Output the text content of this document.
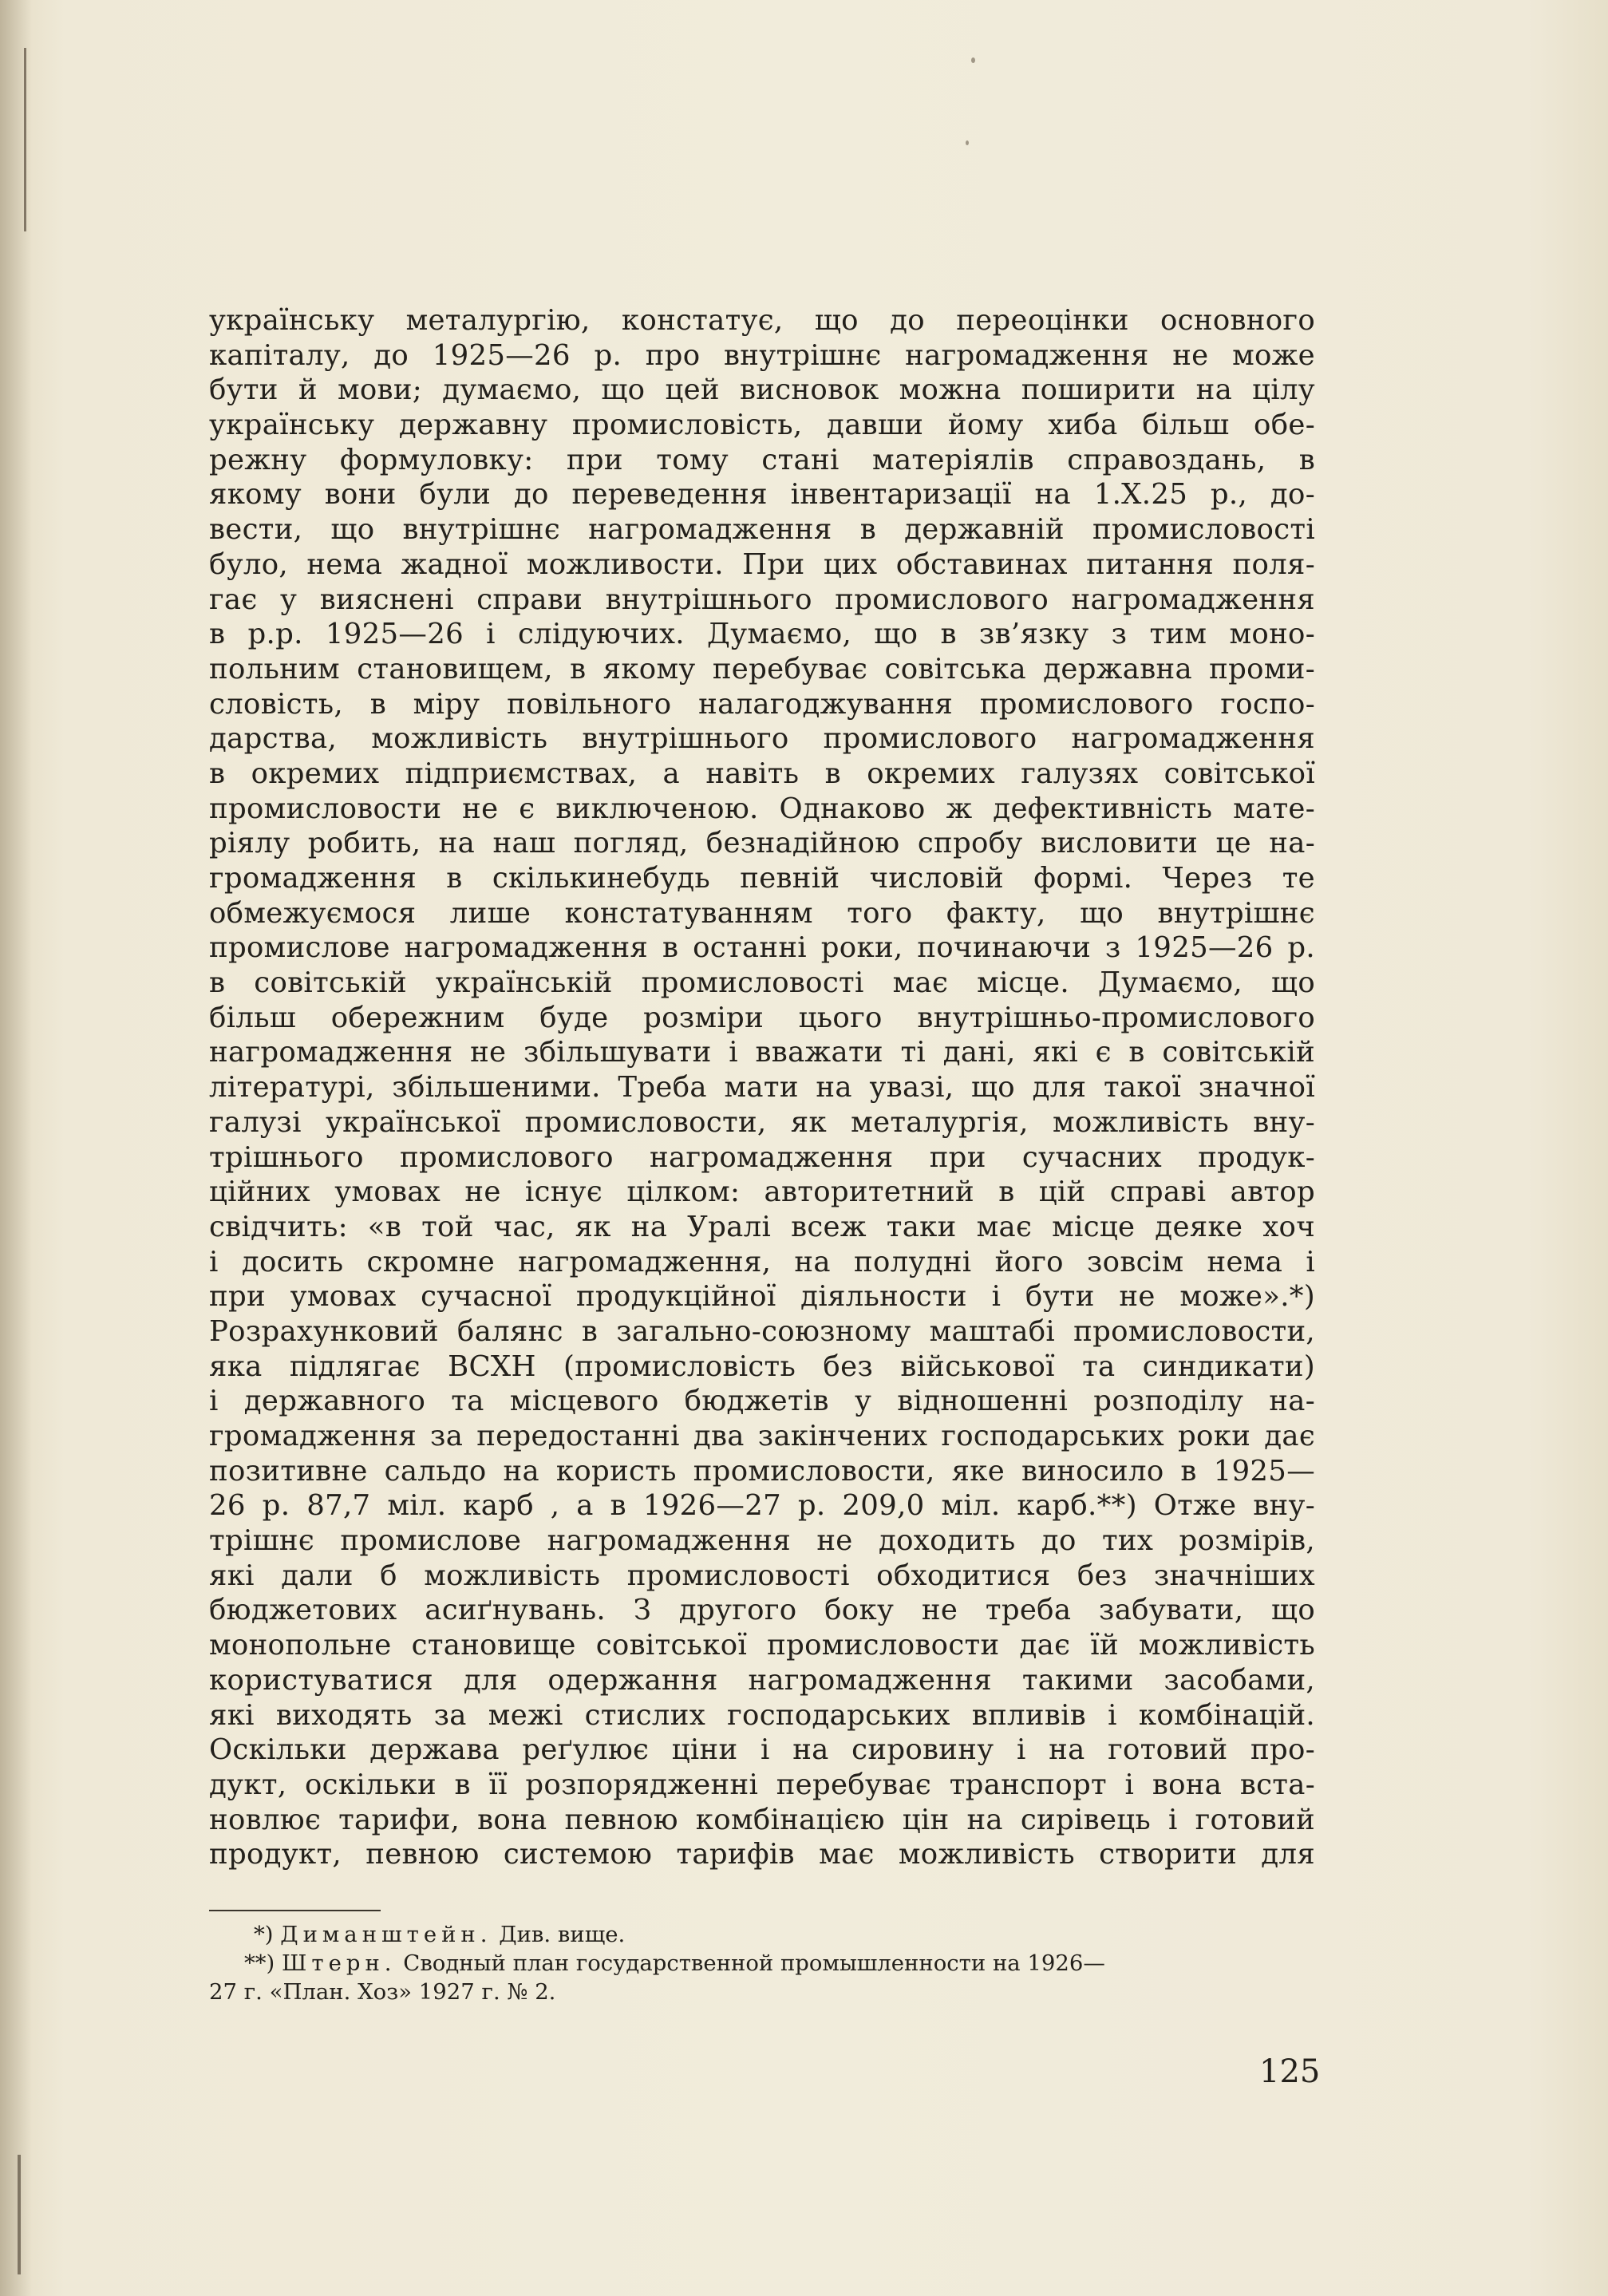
українську металургію, констатує, що до переоцінки основного
капіталу, до 1925—26 р. про внутрішнє нагромадження не може
бути й мови; думаємо, що цей висновок можна поширити на цілу
українську державну промисловість, давши йому хиба більш обе-
режну формуловку: при тому стані матеріялів справоздань, в
якому вони були до переведення інвентаризації на 1.Х.25 р., до-
вести, що внутрішнє нагромадження в державній промисловості
було, нема жадної можливости. При цих обставинах питання поля-
гає у вияснені справи внутрішнього промислового нагромадження
в р.р. 1925—26 і слідуючих. Думаємо, що в зв’язку з тим моно-
польним становищем, в якому перебуває совітська державна проми-
словість, в міру повільного налагоджування промислового госпо-
дарства, можливість внутрішнього промислового нагромадження
в окремих підприємствах, а навіть в окремих галузях совітської
промисловости не є виключеною. Однаково ж дефективність мате-
ріялу робить, на наш погляд, безнадійною спробу висловити це на-
громадження в скількинебудь певній числовій формі. Через те
обмежуємося лише констатуванням того факту, що внутрішнє
промислове нагромадження в останні роки, починаючи з 1925—26 р.
в совітській українській промисловості має місце. Думаємо, що
більш обережним буде розміри цього внутрішньо-промислового
нагромадження не збільшувати і вважати ті дані, які є в совітській
літературі, збільшеними. Треба мати на увазі, що для такої значної
галузі української промисловости, як металургія, можливість вну-
трішнього промислового нагромадження при сучасних продук-
ційних умовах не існує цілком: авторитетний в цій справі автор
свідчить: «в той час, як на Уралі всеж таки має місце деяке хоч
і досить скромне нагромадження, на полудні його зовсім нема і
при умовах сучасної продукційної діяльности і бути не може».*)
Розрахунковий балянс в загально-союзному маштабі промисловости,
яка підлягає ВСХН (промисловість без військової та синдикати)
і державного та місцевого бюджетів у відношенні розподілу на-
громадження за передостанні два закінчених господарських роки дає
позитивне сальдо на користь промисловости, яке виносило в 1925—
26 р. 87,7 міл. карб , а в 1926—27 р. 209,0 міл. карб.**) Отже вну-
трішнє промислове нагромадження не доходить до тих розмірів,
які дали б можливість промисловості обходитися без значніших
бюджетових асиґнувань. З другого боку не треба забувати, що
монопольне становище совітської промисловости дає їй можливість
користуватися для одержання нагромадження такими засобами,
які виходять за межі стислих господарських впливів і комбінацій.
Оскільки держава реґулює ціни і на сировину і на готовий про-
дукт, оскільки в її розпорядженні перебуває транспорт і вона вста-
новлює тарифи, вона певною комбінацією цін на сирівець і готовий
продукт, певною системою тарифів має можливість створити для
*) Диманштейн. Див. вище.
**) Штерн. Сводный план государственной промышленности на 1926—
27 г. «План. Хоз» 1927 г. № 2.
125
